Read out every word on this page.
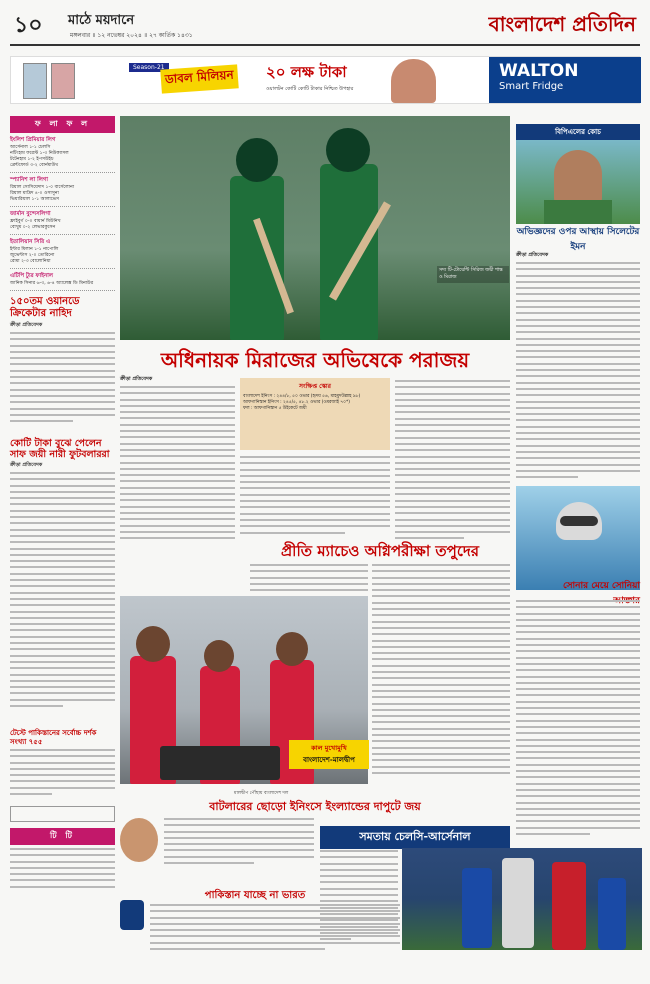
১০ মাঠে ময়দানে
মঙ্গলবার ॥ ১২ নভেম্বর ২০২৪ ॥ ২৭ কার্তিক ১৪৩১	বাংলাদেশ প্রতিদিন
Season-21
ডাবল মিলিয়ন ২০ লক্ষ টাকা
ওয়ালটন কোটি কোটি টাকার নিশ্চিত উপহার
WALTON
Smart Fridge
ফ লা ফ ল
ইংলিশ প্রিমিয়ার লিগ

আর্সেনাল ১-১ চেলসি

নটিংহাম ফরেস্ট ১-৩ নিউক্যাসল

টটেনহাম ১-২ ইপসউইচ

ব্রেন্টফোর্ড ৩-২ বোর্নমাউথ

স্প্যানিশ লা লিগা

রিয়াল সোসিয়েদাদ ১-০ বার্সেলোনা

রিয়াল মাদ্রিদ ৪-০ ওসাসুনা

ভিয়ারিয়াল ১-১ আলাভেস

জার্মান বুন্দেসলিগা

ফ্রাইবুর্গ ০-০ বায়ার্ন মিউনিখ

বোখুম ০-২ লেভারকুসেন

ইতালিয়ান সিরি এ

ইন্টার মিলান ১-১ নাপোলি

জুভেন্টাস ২-০ তোরিনো

রোমা ২-৩ বোলোনিয়া

এটিপি ট্যুর ফাইনাল

জানিক সিনার ৬-৩, ৬-৪ অ্যালেক্স ডি মিনাউর

১৫০তম ওয়ানডে ক্রিকেটার নাহিদ
ক্রীড়া প্রতিবেদক
কোটি টাকা বুঝে পেলেন সাফ জয়ী নারী ফুটবলাররা
ক্রীড়া প্রতিবেদক
টেস্টে পাকিস্তানের সর্বোচ্চ দর্শক সংখ্যা ৭৫৫
টি টি
সদ্য টি-টোয়েন্টি সিরিজ জয়ী শান্ত ও মিরাজ
অধিনায়ক মিরাজের অভিষেকে পরাজয়
ক্রীড়া প্রতিবেদক
সংক্ষিপ্ত স্কোর

বাংলাদেশ ইনিংস : ২৪৪/৮, ৫০ ওভার (হৃদয় ৫৬, মাহমুদউল্লাহ ৯৮)

আফগানিস্তান ইনিংস : ২৪৫/৫, ৪৮.২ ওভার (ওমরজাই ৭০*)

ফল : আফগানিস্তান ৫ উইকেটে জয়ী

প্রীতি ম্যাচেও অগ্নিপরীক্ষা তপুদের
কাল মুখোমুখি
বাংলাদেশ-মালদ্বীপ
মালদ্বীপ পৌঁছায় বাংলাদেশ দল
বাটলারের ছোড়ো ইনিংসে ইংল্যান্ডের দাপুটে জয়
পাকিস্তান যাচ্ছে না ভারত
সমতায় চেলসি-আর্সেনাল
বিপিএলের কোচ
অভিজ্ঞদের ওপর আস্থায় সিলেটের ইমন
ক্রীড়া প্রতিবেদক
সোনার মেয়ে সোনিয়া
